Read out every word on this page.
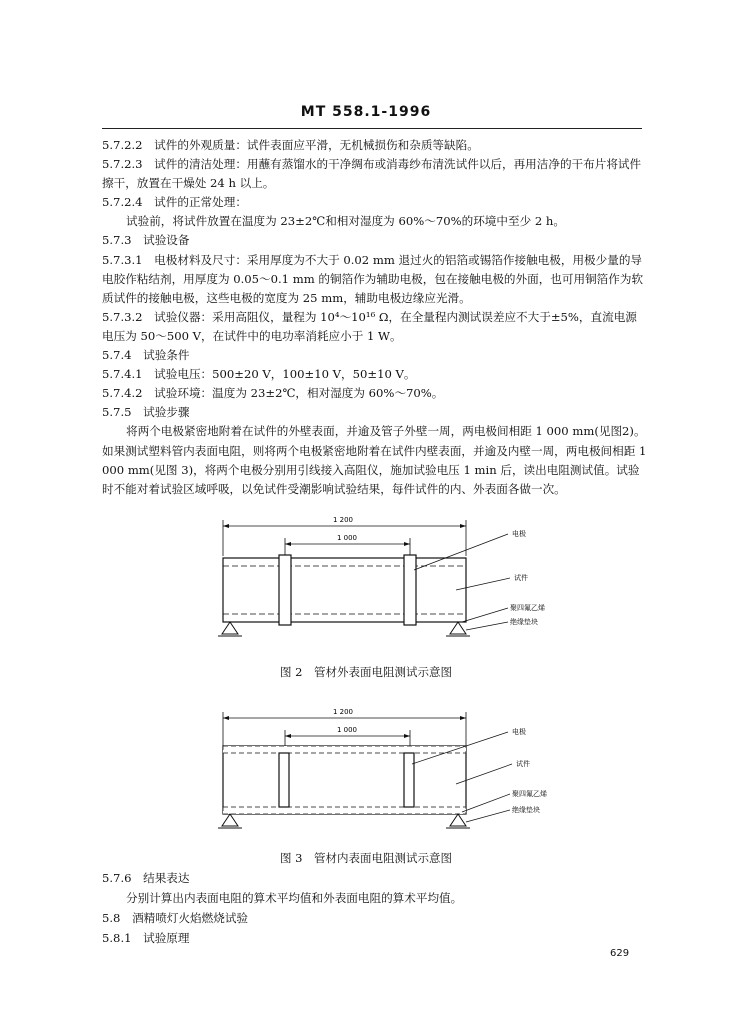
MT 558.1-1996

5.7.2.2　 试件的外观质量：试件表面应平滑，无机械损伤和杂质等缺陷。

5.7.2.3　 试件的清洁处理：用蘸有蒸馏水的干净绸布或消毒纱布清洗试件以后，再用洁净的干布片将试件擦干，放置在干燥处 24 h 以上。

5.7.2.4　 试件的正常处理：

试验前，将试件放置在温度为 23±2℃和相对湿度为 60%～70%的环境中至少 2 h。

5.7.3　 试验设备

5.7.3.1　 电极材料及尺寸：采用厚度为不大于 0.02 mm 退过火的铝箔或锡箔作接触电极，用极少量的导电胶作粘结剂，用厚度为 0.05～0.1 mm 的铜箔作为辅助电极，包在接触电极的外面，也可用铜箔作为软质试件的接触电极，这些电极的宽度为 25 mm，辅助电极边缘应光滑。

5.7.3.2　 试验仪器：采用高阻仪，量程为 10⁴～10¹⁶ Ω，在全量程内测试误差应不大于±5%，直流电源电压为 50～500 V，在试件中的电功率消耗应小于 1 W。

5.7.4　 试验条件

5.7.4.1　 试验电压：500±20 V，100±10 V，50±10 V。

5.7.4.2　 试验环境：温度为 23±2℃，相对湿度为 60%～70%。

5.7.5　 试验步骤

将两个电极紧密地附着在试件的外壁表面，并逾及管子外壁一周，两电极间相距 1 000 mm(见图2)。如果测试塑料管内表面电阻，则将两个电极紧密地附着在试件内壁表面，并逾及内壁一周，两电极间相距 1 000 mm(见图 3)，将两个电极分别用引线接入高阻仪，施加试验电压 1 min 后，读出电阻测试值。试验时不能对着试验区域呼吸，以免试件受潮影响试验结果，每件试件的内、外表面各做一次。

1 200
1 000	电极
试件
聚四氟乙烯
绝缘垫块
图 2　管材外表面电阻测试示意图
1 200
1 000	电极
试件
聚四氟乙烯
绝缘垫块
图 3　管材内表面电阻测试示意图

5.7.6　 结果表达

分别计算出内表面电阻的算术平均值和外表面电阻的算术平均值。

5.8　 酒精喷灯火焰燃烧试验

5.8.1　 试验原理

629
